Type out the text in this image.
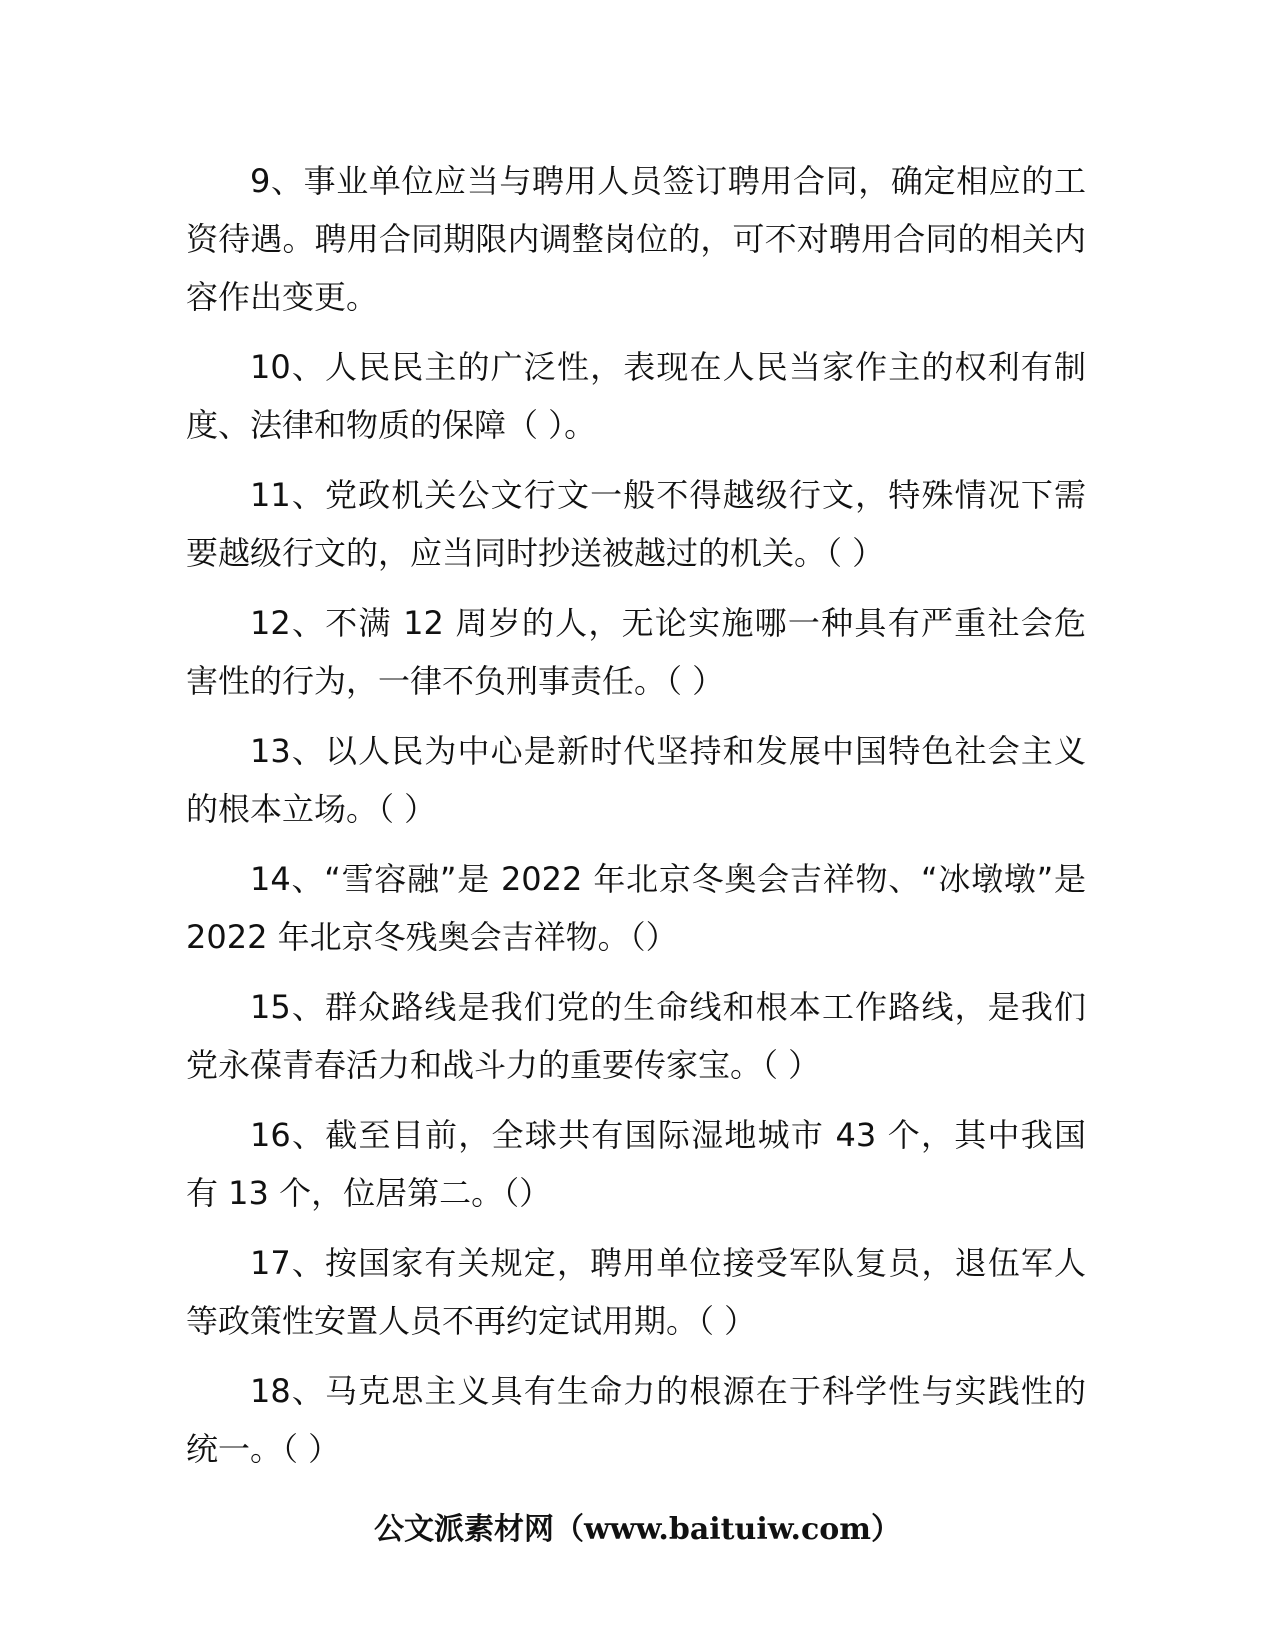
9、事业单位应当与聘用人员签订聘用合同，确定相应的工资待遇。聘用合同期限内调整岗位的，可不对聘用合同的相关内容作出变更。

10、人民民主的广泛性，表现在人民当家作主的权利有制度、法律和物质的保障（ ）。

11、党政机关公文行文一般不得越级行文，特殊情况下需要越级行文的，应当同时抄送被越过的机关。（ ）

12、不满 12 周岁的人，无论实施哪一种具有严重社会危害性的行为，一律不负刑事责任。（ ）

13、以人民为中心是新时代坚持和发展中国特色社会主义的根本立场。（ ）

14、“雪容融”是 2022 年北京冬奥会吉祥物、“冰墩墩”是 2022 年北京冬残奥会吉祥物。（）

15、群众路线是我们党的生命线和根本工作路线，是我们党永葆青春活力和战斗力的重要传家宝。（ ）

16、截至目前，全球共有国际湿地城市 43 个，其中我国有 13 个，位居第二。（）

17、按国家有关规定，聘用单位接受军队复员，退伍军人等政策性安置人员不再约定试用期。（ ）

18、马克思主义具有生命力的根源在于科学性与实践性的统一。（ ）

公文派素材网（www.baituiw.com）
